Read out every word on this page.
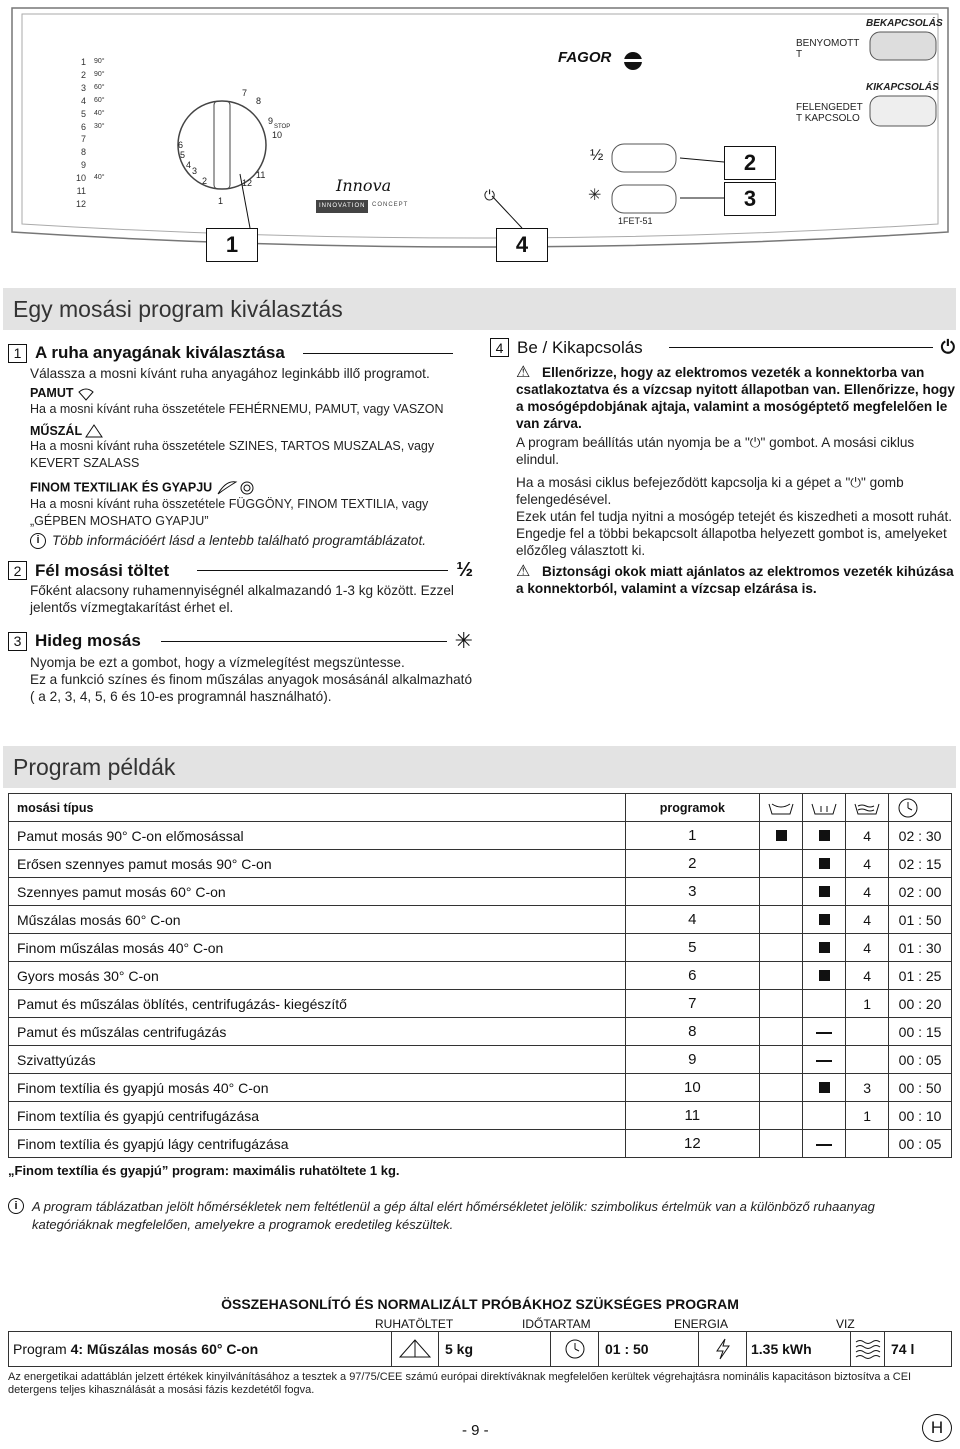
1 90°
2 90°
3 60°
4 60°
5 40°
6 30°
7
8
9
10 40°
11
12	1
2
3
4
5
6
7
8
9
10
11
12
STOP
FAGOR
Innova
INNOVATION	CONCEPT
1FET-51
½
✳
⏻
BEKAPCSOLÁS
BENYOMOTT
T
KIKAPCSOLÁS
FELENGEDET
T KAPCSOLO
1	4
2
3
Egy mosási program kiválasztás
1 A ruha anyagának kiválasztása
Válassza a mosni kívánt ruha anyagához leginkább illő programot.
PAMUT
Ha a mosni kívánt ruha összetétele FEHÉRNEMU, PAMUT, vagy VASZON
MŰSZÁL
Ha a mosni kívánt ruha összetétele SZINES, TARTOS MUSZALAS, vagy KEVERT SZALASS
FINOM TEXTILIAK ÉS GYAPJU
Ha a mosni kívánt ruha összetétele FÜGGÖNY, FINOM TEXTILIA, vagy „GÉPBEN MOSHATO GYAPJU”
i Több információért lásd a lentebb található programtáblázatot.
2 Fél mosási töltet	½
Főként alacsony ruhamennyiségnél alkalmazandó 1-3 kg között. Ezzel jelentős vízmegtakarítást érhet el.
3 Hideg mosás	✳
Nyomja be ezt a gombot, hogy a vízmelegítést megszüntesse.
Ez a funkció színes és finom műszálas anyagok mosásánál alkalmazható ( a 2, 3, 4, 5, 6 és 10-es programnál használható).
4 Be / Kikapcsolás	⏻
⚠ Ellenőrizze, hogy az elektromos vezeték a konnektorba van csatlakoztatva és a vízcsap nyitott állapotban van. Ellenőrizze, hogy a mosógépdobjának ajtaja, valamint a mosógéptető megfelelően le van zárva.
A program beállítás után nyomja be a "⏻" gombot. A mosási ciklus elindul.
Ha a mosási ciklus befejeződött kapcsolja ki a gépet a "⏻" gomb felengedésével.
Ezek után fel tudja nyitni a mosógép tetejét és kiszedheti a mosott ruhát.
Engedje fel a többi bekapcsolt állapotba helyezett gombot is, amelyeket előzőleg választott ki.
⚠ Biztonsági okok miatt ajánlatos az elektromos vezeték kihúzása a konnektorból, valamint a vízcsap elzárása is.
Program példák
mosási típus	programok				
Pamut mosás 90° C-on előmosással	1			4	02 : 30
Erősen szennyes pamut mosás 90° C-on	2			4	02 : 15
Szennyes pamut mosás 60° C-on	3			4	02 : 00
Műszálas mosás 60° C-on	4			4	01 : 50
Finom műszálas mosás 40° C-on	5			4	01 : 30
Gyors mosás 30° C-on	6			4	01 : 25
Pamut és műszálas öblítés, centrifugázás- kiegészítő	7			1	00 : 20
Pamut és műszálas centrifugázás	8				00 : 15
Szivattyúzás	9				00 : 05
Finom textília és gyapjú mosás 40° C-on	10			3	00 : 50
Finom textília és gyapjú centrifugázása	11			1	00 : 10
Finom textília és gyapjú lágy centrifugázása	12				00 : 05
„Finom textília és gyapjú” program: maximális ruhatöltete 1 kg.
i	A program táblázatban jelölt hőmérsékletek nem feltétlenül a gép által elért hőmérsékletet jelölik: szimbolikus értelmük van a különböző ruhaanyag kategóriáknak megfelelően, amelyekre a programok eredetileg készültek.
ÖSSZEHASONLÍTÓ ÉS NORMALIZÁLT PRÓBÁKHOZ SZÜKSÉGES PROGRAM
RUHATÖLTET	IDŐTARTAM	ENERGIA	VIZ
Program 4: Műszálas mosás 60° C-on	5 kg	01 : 50	1.35 kWh	74 l
Az energetikai adattáblán jelzett értékek kinyilvánításához a tesztek a 97/75/CEE számú európai direktíváknak megfelelően kerültek végrehajtásra nominális kapacitáson biztosítva a CEI detergens teljes kihasználását a mosási fázis kezdetétől fogva.
- 9 -	H
